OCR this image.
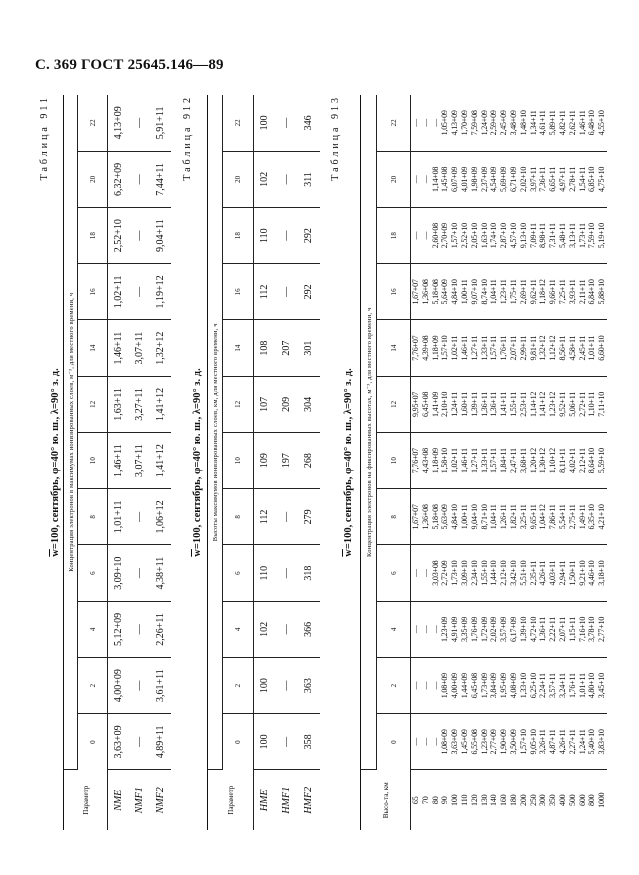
С. 369 ГОСТ 25645.146—89
Таблица 911
$\overline{w}=100$, сентябрь, φ=40° ю. ш., λ=90° з. д.
Параметр	Концентрация электронов в максимумах ионизированных слоев, м⁻³, для местного времени, ч											
	0	2	4	6	8	10	12	14	16	18	20	22
NME	3,63+09	4,00+09	5,12+09	3,09+10	1,01+11	1,46+11	1,63+11	1,46+11	1,02+11	2,52+10	6,32+09	4,13+09
NMF1	—	—	—	—	—	3,07+11	3,27+11	3,07+11	—	—	—	—
NMF2	4,89+11	3,61+11	2,26+11	4,38+11	1,06+12	1,41+12	1,41+12	1,32+12	1,19+12	9,04+11	7,44+11	5,91+11 Таблица 912
$\overline{w}=100$, сентябрь, φ=40° ю. ш., λ=90° з. д.
Параметр	Высоты максимумов ионизированных слоев, км, для местного времени, ч											
	0	2	4	6	8	10	12	14	16	18	20	22
HME	100	100	102	110	112	109	107	108	112	110	102	100
HMF1	—	—	—	—	—	197	209	207	—	—	—	—
HMF2	358	363	366	318	279	268	304	301	292	292	311	346 Таблица 913
$\overline{w}=100$, сентябрь, φ=40° ю. ш., λ=90° з. д.
Высо-та, км	Концентрация электронов на фиксированных высотах, м⁻³, для местного времени, ч											
	0	2	4	6	8	10	12	14	16	18	20	22
65	—	—	—	—	1,67+07	7,76+07	9,95+07	7,76+07	1,67+07	—	—	—
70	—	—	—	—	1,36+08	4,43+08	6,45+08	4,39+08	1,36+08	—	—	—
80	—	—	—	3,03+08	5,18+08	1,18+09	1,41+09	1,18+09	5,18+08	2,60+08	1,14+08	—
90	1,08+09	1,08+09	1,23+09	2,72+09	5,63+09	1,58+10	2,10+10	1,57+10	5,64+09	2,70+09	1,45+08	1,05+09
100	3,63+09	4,00+09	4,91+09	1,73+10	4,84+10	1,02+11	1,24+11	1,02+11	4,84+10	1,57+10	6,07+09	4,13+09
110	1,45+09	1,44+09	3,35+09	3,09+10	1,00+11	1,46+11	1,60+11	1,46+11	1,00+11	2,52+10	4,01+09	1,70+09
120	6,55+08	6,45+08	1,76+09	2,34+10	9,04+10	1,27+11	1,39+11	1,27+11	9,07+10	2,05+10	1,98+09	7,59+08
130	1,23+09	1,73+09	1,72+09	1,55+10	8,71+10	1,33+11	1,36+11	1,33+11	8,74+10	1,63+10	2,37+09	1,24+09
140	2,77+09	3,84+09	2,02+09	1,44+10	1,04+11	1,57+11	1,36+11	1,57+11	1,04+11	1,74+10	4,54+09	2,59+09
160	1,90+09	1,95+09	3,57+09	2,12+10	1,26+11	1,84+11	1,41+11	1,76+11	1,23+11	2,87+10	5,69+09	2,45+09
180	3,50+09	4,08+09	6,17+09	3,42+10	1,82+11	2,47+11	1,55+11	2,07+11	1,75+11	4,57+10	6,71+09	3,48+09
200	1,57+10	1,33+10	1,39+10	5,51+10	3,25+11	3,68+11	2,53+11	2,99+11	2,69+11	9,13+10	2,02+10	1,48+10
250	9,05+10	6,25+10	4,72+10	2,35+11	9,65+11	1,20+12	1,14+12	9,81+11	9,62+11	7,09+11	3,97+11	1,34+11
300	3,26+11	2,24+11	1,36+11	4,26+11	1,04+12	1,30+12	1,41+12	1,32+12	1,18+12	8,98+11	7,36+11	4,61+11
350	4,87+11	3,57+11	2,22+11	4,03+11	7,86+11	1,10+12	1,23+12	1,12+12	9,66+11	7,31+11	6,65+11	5,89+11
400	4,26+11	3,24+11	2,07+11	2,94+11	5,54+11	8,11+11	9,52+11	8,56+11	7,25+11	5,48+11	4,97+11	4,82+11
500	2,27+11	1,76+11	1,15+11	1,50+11	2,75+11	4,02+11	5,06+11	4,58+11	3,93+11	3,13+11	2,78+11	2,62+11
600	1,24+11	1,01+11	7,16+10	9,21+10	1,49+11	2,12+11	2,72+11	2,45+11	2,11+11	1,73+11	1,54+11	1,46+11
800	5,40+10	4,80+10	3,78+10	4,46+10	6,35+10	8,64+10	1,10+11	1,01+11	6,84+10	7,59+10	6,85+10	6,48+10
1000	3,83+10	3,45+10	2,77+10	3,18+10	4,21+10	5,59+10	7,11+10	6,60+10	5,88+10	5,19+10	4,75+10	4,55+10
